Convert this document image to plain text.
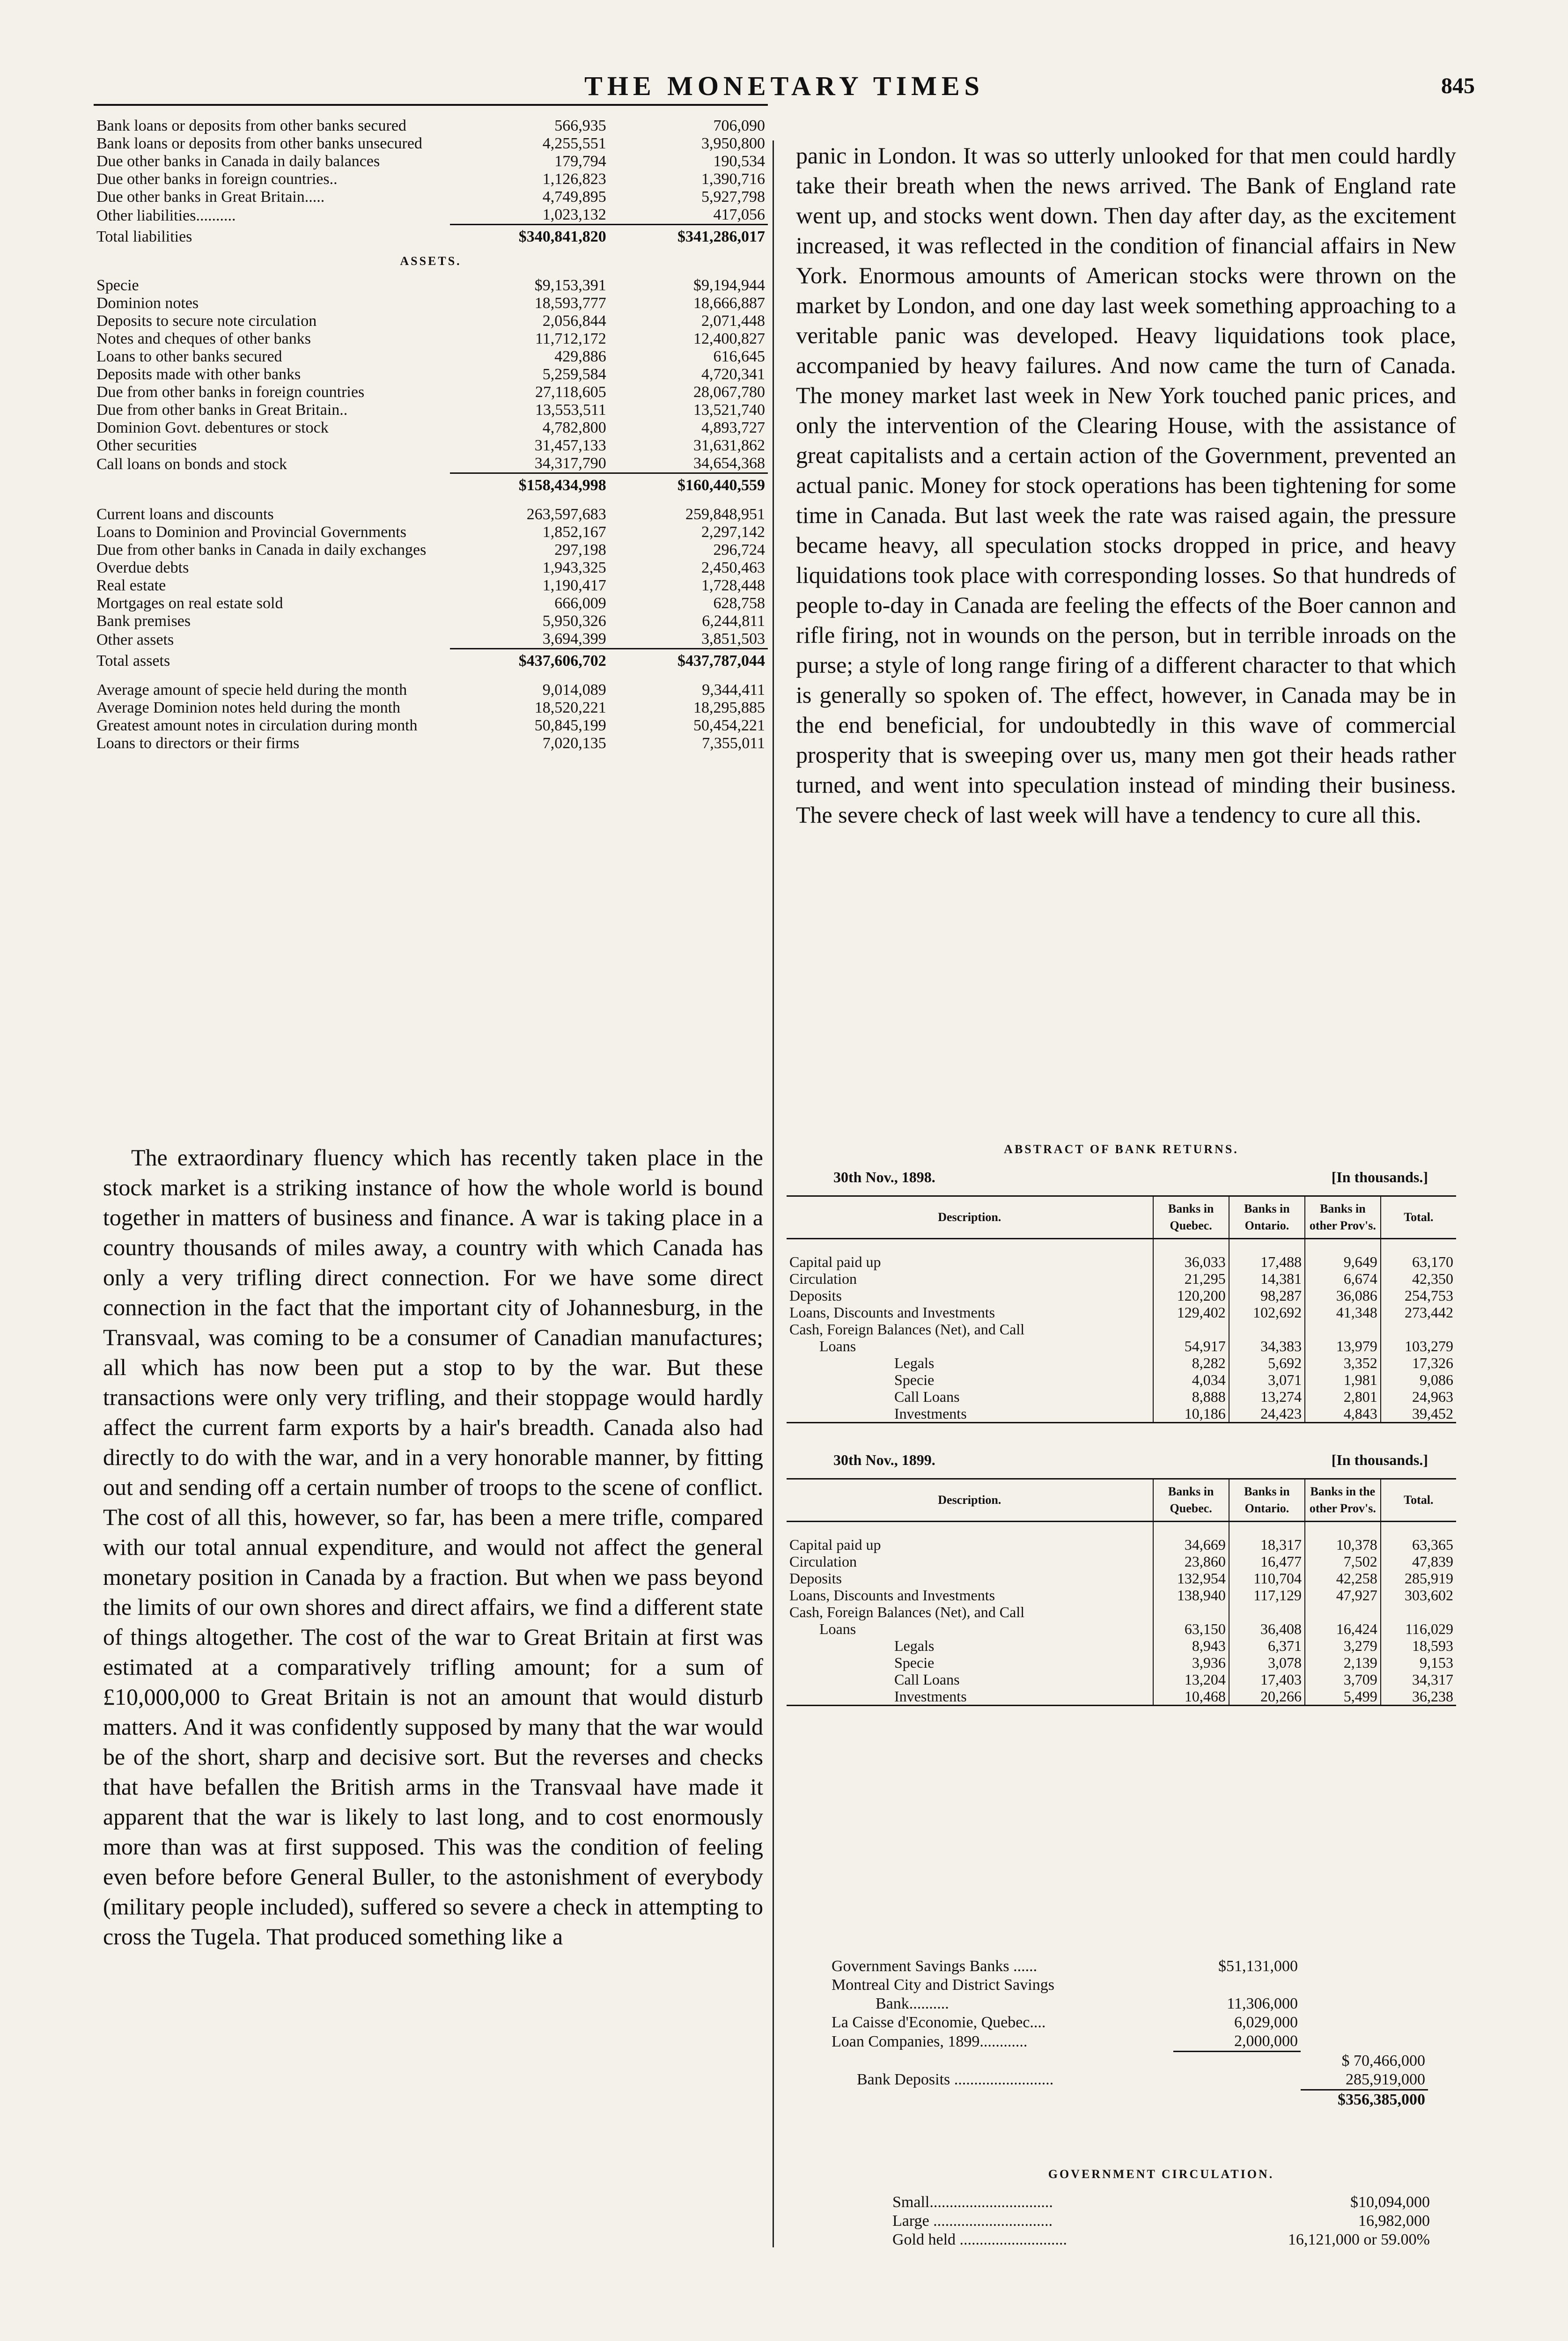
THE MONETARY TIMES	845
Bank loans or deposits from other banks secured	566,935	706,090
Bank loans or deposits from other banks unsecured	4,255,551	3,950,800
Due other banks in Canada in daily balances	179,794	190,534
Due other banks in foreign countries..	1,126,823	1,390,716
Due other banks in Great Britain.....	4,749,895	5,927,798
Other liabilities..........	1,023,132	417,056
Total liabilities	$340,841,820	$341,286,017
ASSETS.		
Specie	$9,153,391	$9,194,944
Dominion notes	18,593,777	18,666,887
Deposits to secure note circulation	2,056,844	2,071,448
Notes and cheques of other banks	11,712,172	12,400,827
Loans to other banks secured	429,886	616,645
Deposits made with other banks	5,259,584	4,720,341
Due from other banks in foreign countries	27,118,605	28,067,780
Due from other banks in Great Britain..	13,553,511	13,521,740
Dominion Govt. debentures or stock	4,782,800	4,893,727
Other securities	31,457,133	31,631,862
Call loans on bonds and stock	34,317,790	34,654,368
	$158,434,998	$160,440,559

Current loans and discounts	263,597,683	259,848,951
Loans to Dominion and Provincial Governments	1,852,167	2,297,142
Due from other banks in Canada in daily exchanges	297,198	296,724
Overdue debts	1,943,325	2,450,463
Real estate	1,190,417	1,728,448
Mortgages on real estate sold	666,009	628,758
Bank premises	5,950,326	6,244,811
Other assets	3,694,399	3,851,503
Total assets	$437,606,702	$437,787,044

Average amount of specie held during the month	9,014,089	9,344,411
Average Dominion notes held during the month	18,520,221	18,295,885
Greatest amount notes in circulation during month	50,845,199	50,454,221
Loans to directors or their firms	7,020,135	7,355,011

The extraordinary fluency which has recently taken place in the stock market is a striking instance of how the whole world is bound together in matters of business and finance. A war is taking place in a country thousands of miles away, a country with which Canada has only a very trifling direct connection. For we have some direct connection in the fact that the important city of Johannesburg, in the Transvaal, was coming to be a consumer of Canadian manufactures; all which has now been put a stop to by the war. But these transactions were only very trifling, and their stoppage would hardly affect the current farm exports by a hair's breadth. Canada also had directly to do with the war, and in a very honorable manner, by fitting out and sending off a certain number of troops to the scene of conflict. The cost of all this, however, so far, has been a mere trifle, compared with our total annual expenditure, and would not affect the general monetary position in Canada by a fraction. But when we pass beyond the limits of our own shores and direct affairs, we find a different state of things altogether. The cost of the war to Great Britain at first was estimated at a comparatively trifling amount; for a sum of £10,000,000 to Great Britain is not an amount that would disturb matters. And it was confidently supposed by many that the war would be of the short, sharp and decisive sort. But the reverses and checks that have befallen the British arms in the Transvaal have made it apparent that the war is likely to last long, and to cost enormously more than was at first supposed. This was the condition of feeling even before before General Buller, to the astonishment of everybody (military people included), suffered so severe a check in attempting to cross the Tugela. That produced something like a

panic in London. It was so utterly unlooked for that men could hardly take their breath when the news arrived. The Bank of England rate went up, and stocks went down. Then day after day, as the excitement increased, it was reflected in the condition of financial affairs in New York. Enormous amounts of American stocks were thrown on the market by London, and one day last week something approaching to a veritable panic was developed. Heavy liquidations took place, accompanied by heavy failures. And now came the turn of Canada. The money market last week in New York touched panic prices, and only the intervention of the Clearing House, with the assistance of great capitalists and a certain action of the Government, prevented an actual panic. Money for stock operations has been tightening for some time in Canada. But last week the rate was raised again, the pressure became heavy, all speculation stocks dropped in price, and heavy liquidations took place with corresponding losses. So that hundreds of people to-day in Canada are feeling the effects of the Boer cannon and rifle firing, not in wounds on the person, but in terrible inroads on the purse; a style of long range firing of a different character to that which is generally so spoken of. The effect, however, in Canada may be in the end beneficial, for undoubtedly in this wave of commercial prosperity that is sweeping over us, many men got their heads rather turned, and went into speculation instead of minding their business. The severe check of last week will have a tendency to cure all this.

ABSTRACT OF BANK RETURNS.
30th Nov., 1898.	[In thousands.]
Description.	Banks in Quebec.	Banks in Ontario.	Banks in other Prov's.	Total.
Capital paid up	36,033	17,488	9,649	63,170
Circulation	21,295	14,381	6,674	42,350
Deposits	120,200	98,287	36,086	254,753
Loans, Discounts and Investments	129,402	102,692	41,348	273,442
Cash, Foreign Balances (Net), and Call				
Loans	54,917	34,383	13,979	103,279
Legals	8,282	5,692	3,352	17,326
Specie	4,034	3,071	1,981	9,086
Call Loans	8,888	13,274	2,801	24,963
Investments	10,186	24,423	4,843	39,452
30th Nov., 1899.	[In thousands.]
Description.	Banks in Quebec.	Banks in Ontario.	Banks in the other Prov's.	Total.
Capital paid up	34,669	18,317	10,378	63,365
Circulation	23,860	16,477	7,502	47,839
Deposits	132,954	110,704	42,258	285,919
Loans, Discounts and Investments	138,940	117,129	47,927	303,602
Cash, Foreign Balances (Net), and Call				
Loans	63,150	36,408	16,424	116,029
Legals	8,943	6,371	3,279	18,593
Specie	3,936	3,078	2,139	9,153
Call Loans	13,204	17,403	3,709	34,317
Investments	10,468	20,266	5,499	36,238
Government Savings Banks ......	$51,131,000	
Montreal City and District Savings		
Bank..........	11,306,000	
La Caisse d'Economie, Quebec....	6,029,000	
Loan Companies, 1899............	2,000,000	
		$ 70,466,000
Bank Deposits .........................		285,919,000
		$356,385,000
GOVERNMENT CIRCULATION.
Small...............................	$10,094,000
Large ..............................	16,982,000
Gold held ...........................	16,121,000 or 59.00%
